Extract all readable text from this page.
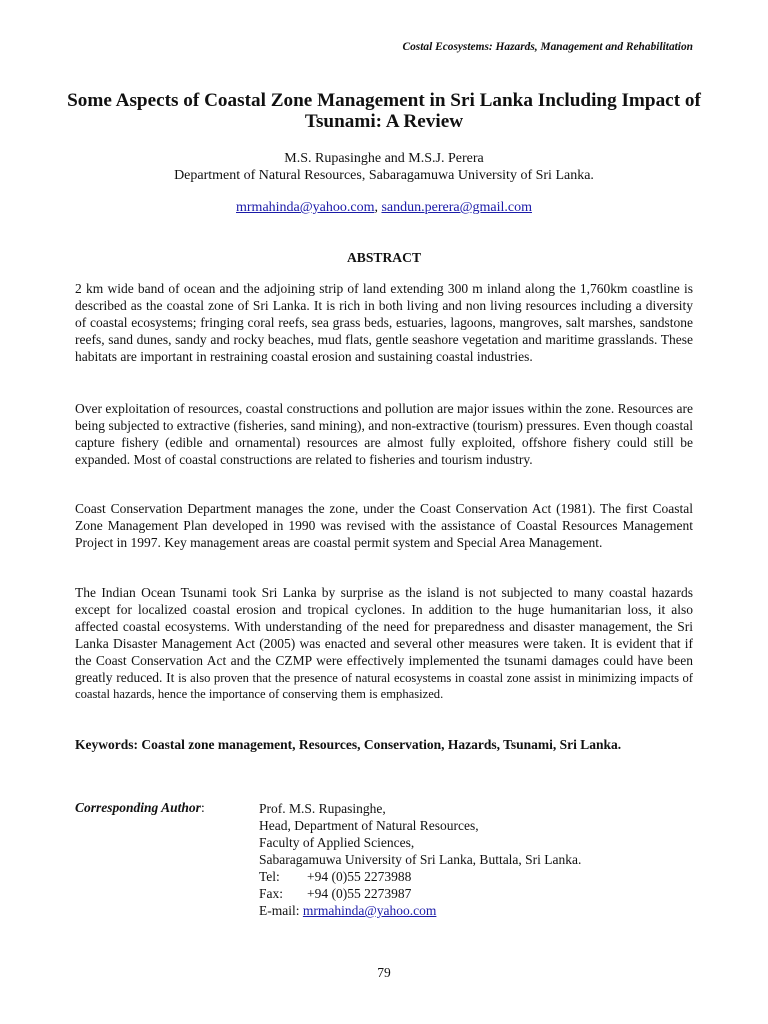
Costal Ecosystems: Hazards, Management and Rehabilitation
Some Aspects of Coastal Zone Management in Sri Lanka Including Impact of Tsunami: A Review
M.S. Rupasinghe and M.S.J. Perera
Department of Natural Resources, Sabaragamuwa University of Sri Lanka.
mrmahinda@yahoo.com, sandun.perera@gmail.com
ABSTRACT
2 km wide band of ocean and the adjoining strip of land extending 300 m inland along the 1,760km coastline is described as the coastal zone of Sri Lanka. It is rich in both living and non living resources including a diversity of coastal ecosystems; fringing coral reefs, sea grass beds, estuaries, lagoons, mangroves, salt marshes, sandstone reefs, sand dunes, sandy and rocky beaches, mud flats, gentle seashore vegetation and maritime grasslands. These habitats are important in restraining coastal erosion and sustaining coastal industries.
Over exploitation of resources, coastal constructions and pollution are major issues within the zone. Resources are being subjected to extractive (fisheries, sand mining), and non-extractive (tourism) pressures. Even though coastal capture fishery (edible and ornamental) resources are almost fully exploited, offshore fishery could still be expanded. Most of coastal constructions are related to fisheries and tourism industry.
Coast Conservation Department manages the zone, under the Coast Conservation Act (1981). The first Coastal Zone Management Plan developed in 1990 was revised with the assistance of Coastal Resources Management Project in 1997. Key management areas are coastal permit system and Special Area Management.
The Indian Ocean Tsunami took Sri Lanka by surprise as the island is not subjected to many coastal hazards except for localized coastal erosion and tropical cyclones. In addition to the huge humanitarian loss, it also affected coastal ecosystems. With understanding of the need for preparedness and disaster management, the Sri Lanka Disaster Management Act (2005) was enacted and several other measures were taken. It is evident that if the Coast Conservation Act and the CZMP were effectively implemented the tsunami damages could have been greatly reduced. It is also proven that the presence of natural ecosystems in coastal zone assist in minimizing impacts of coastal hazards, hence the importance of conserving them is emphasized.
Keywords: Coastal zone management, Resources, Conservation, Hazards, Tsunami, Sri Lanka.
Corresponding Author:	Prof. M.S. Rupasinghe,
Head, Department of Natural Resources,
Faculty of Applied Sciences,
Sabaragamuwa University of Sri Lanka, Buttala, Sri Lanka.
Tel: +94 (0)55 2273988
Fax: +94 (0)55 2273987
E-mail: mrmahinda@yahoo.com
79
